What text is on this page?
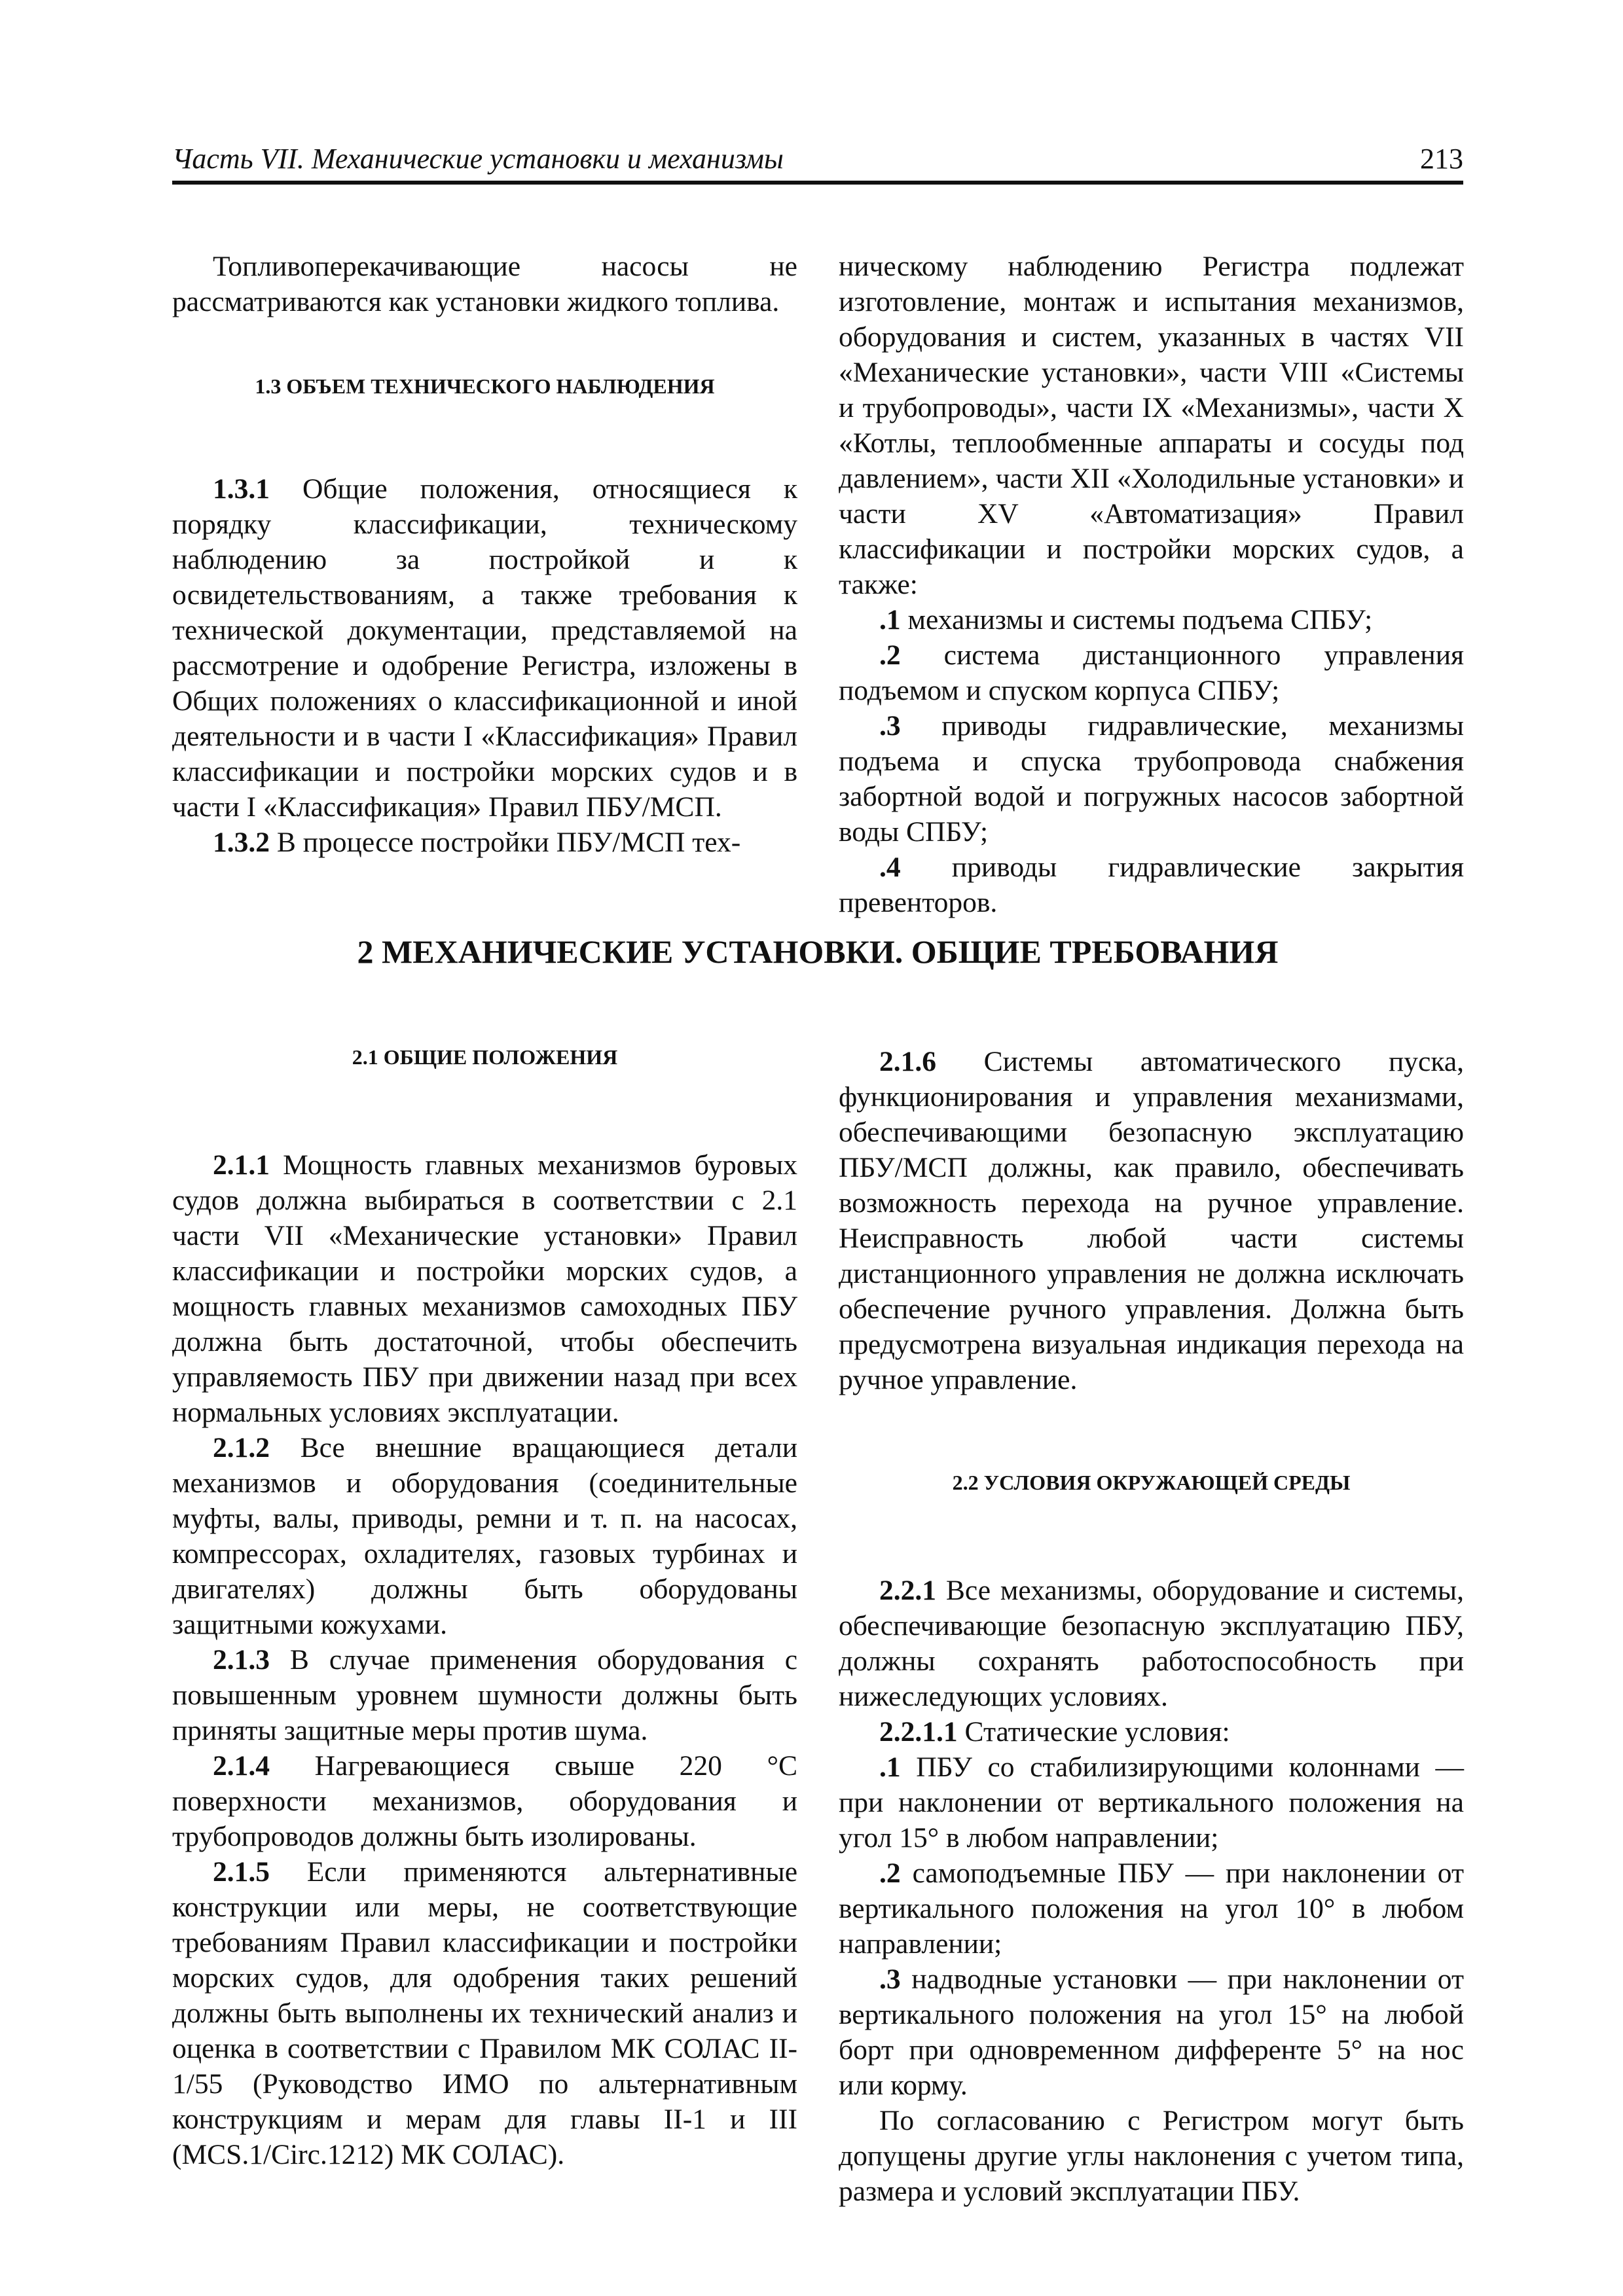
Часть VII. Механические установки и механизмы	213

Топливоперекачивающие насосы не рассматриваются как установки жидкого топлива.

1.3 ОБЪЕМ ТЕХНИЧЕСКОГО НАБЛЮДЕНИЯ

1.3.1 Общие положения, относящиеся к порядку классификации, техническому наблюдению за постройкой и к освидетельствованиям, а также требования к технической документации, представляемой на рассмотрение и одобрение Регистра, изложены в Общих положениях о классификационной и иной деятельности и в части I «Классификация» Правил классификации и постройки морских судов и в части I «Классификация» Правил ПБУ/МСП.

1.3.2 В процессе постройки ПБУ/МСП тех-

ническому наблюдению Регистра подлежат изготовление, монтаж и испытания механизмов, оборудования и систем, указанных в частях VII «Механические установки», части VIII «Системы и трубопроводы», части IX «Механизмы», части X «Котлы, теплообменные аппараты и сосуды под давлением», части XII «Холодильные установки» и части XV «Автоматизация» Правил классификации и постройки морских судов, а также:

.1 механизмы и системы подъема СПБУ;

.2 система дистанционного управления подъемом и спуском корпуса СПБУ;

.3 приводы гидравлические, механизмы подъема и спуска трубопровода снабжения забортной водой и погружных насосов забортной воды СПБУ;

.4 приводы гидравлические закрытия превенторов.

2 МЕХАНИЧЕСКИЕ УСТАНОВКИ. ОБЩИЕ ТРЕБОВАНИЯ
2.1 ОБЩИЕ ПОЛОЖЕНИЯ

2.1.1 Мощность главных механизмов буровых судов должна выбираться в соответствии с 2.1 части VII «Механические установки» Правил классификации и постройки морских судов, а мощность главных механизмов самоходных ПБУ должна быть достаточной, чтобы обеспечить управляемость ПБУ при движении назад при всех нормальных условиях эксплуатации.

2.1.2 Все внешние вращающиеся детали механизмов и оборудования (соединительные муфты, валы, приводы, ремни и т. п. на насосах, компрессорах, охладителях, газовых турбинах и двигателях) должны быть оборудованы защитными кожухами.

2.1.3 В случае применения оборудования с повышенным уровнем шумности должны быть приняты защитные меры против шума.

2.1.4 Нагревающиеся свыше 220 °С поверхности механизмов, оборудования и трубопроводов должны быть изолированы.

2.1.5 Если применяются альтернативные конструкции или меры, не соответствующие требованиям Правил классификации и постройки морских судов, для одобрения таких решений должны быть выполнены их технический анализ и оценка в соответствии с Правилом МК СОЛАС II-1/55 (Руководство ИМО по альтернативным конструкциям и мерам для главы II-1 и III (MCS.1/Circ.1212) МК СОЛАС).

2.1.6 Системы автоматического пуска, функционирования и управления механизмами, обеспечивающими безопасную эксплуатацию ПБУ/МСП должны, как правило, обеспечивать возможность перехода на ручное управление. Неисправность любой части системы дистанционного управления не должна исключать обеспечение ручного управления. Должна быть предусмотрена визуальная индикация перехода на ручное управление.

2.2 УСЛОВИЯ ОКРУЖАЮЩЕЙ СРЕДЫ

2.2.1 Все механизмы, оборудование и системы, обеспечивающие безопасную эксплуатацию ПБУ, должны сохранять работоспособность при нижеследующих условиях.

2.2.1.1 Статические условия:

.1 ПБУ со стабилизирующими колоннами — при наклонении от вертикального положения на угол 15° в любом направлении;

.2 самоподъемные ПБУ — при наклонении от вертикального положения на угол 10° в любом направлении;

.3 надводные установки — при наклонении от вертикального положения на угол 15° на любой борт при одновременном дифференте 5° на нос или корму.

По согласованию с Регистром могут быть допущены другие углы наклонения с учетом типа, размера и условий эксплуатации ПБУ.
